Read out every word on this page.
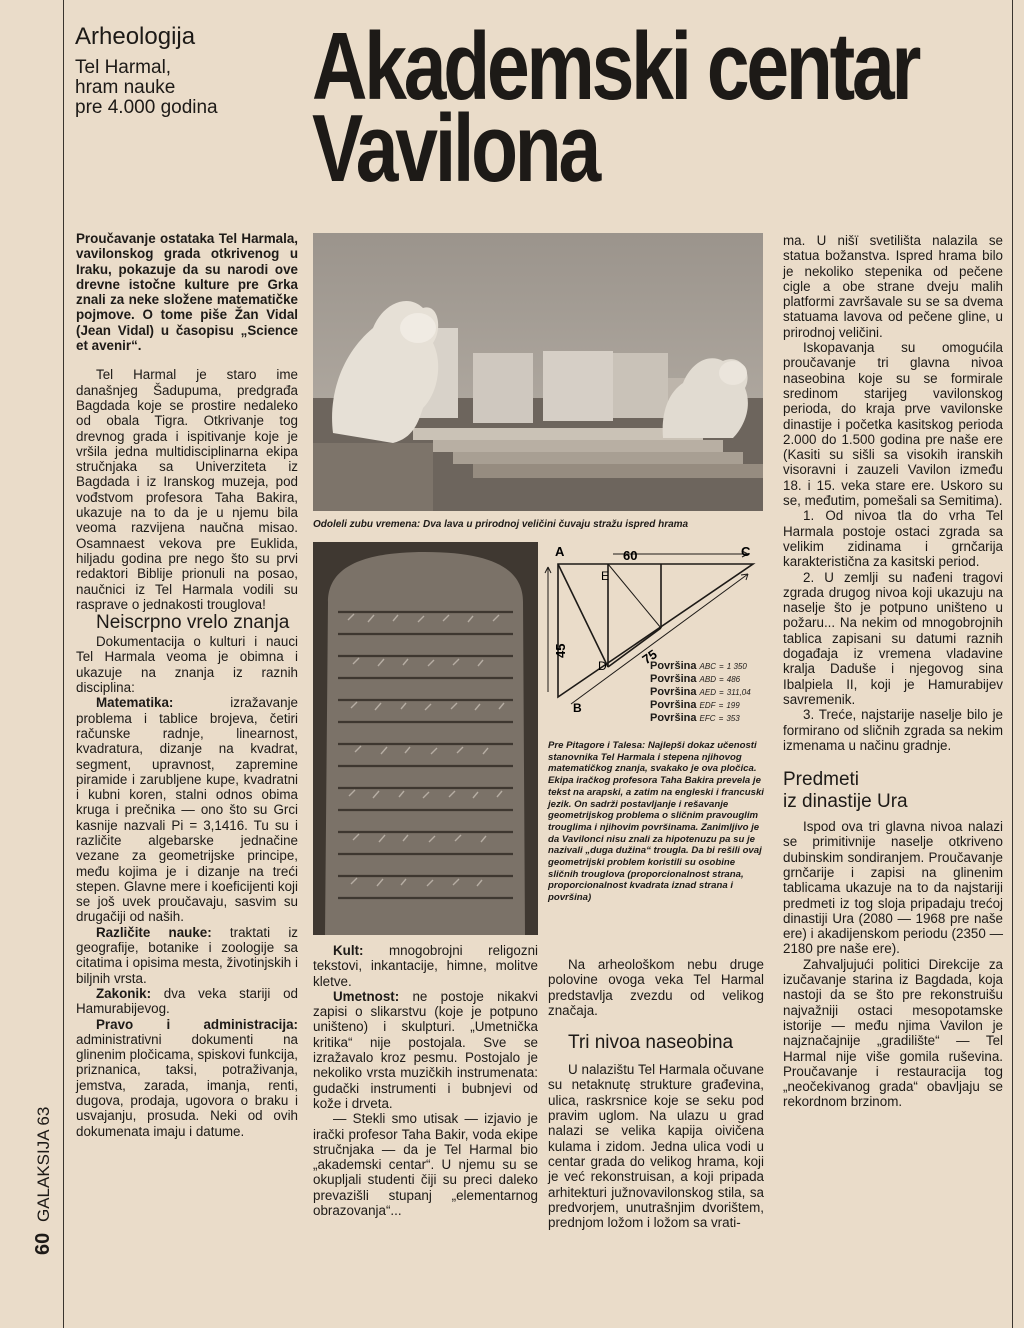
Arheologija
Tel Harmal,
hram nauke
pre 4.000 godina Akademski centar
Vavilona
60 GALAKSIJA 63

Proučavanje ostataka Tel Harmala, vavilonskog grada otkrivenog u Iraku, pokazuje da su narodi ove drevne istočne kulture pre Grka znali za neke složene matematičke pojmove. O tome piše Žan Vidal (Jean Vidal) u časopisu „Science et avenir“.

Tel Harmal je staro ime današnjeg Šadupuma, predgrađa Bagdada koje se prostire nedaleko od obala Tigra. Otkrivanje tog drevnog grada i ispitivanje koje je vršila jedna multidisciplinarna ekipa stručnjaka sa Univerziteta iz Bagdada i iz Iranskog muzeja, pod vođstvom profesora Taha Bakira, ukazuje na to da je u njemu bila veoma razvijena naučna misao. Osamnaest vekova pre Euklida, hiljadu godina pre nego što su prvi redaktori Biblije prionuli na posao, naučnici iz Tel Harmala vodili su rasprave o jednakosti trouglova!

Neiscrpno vrelo znanja

Dokumentacija o kulturi i nauci Tel Harmala veoma je obimna i ukazuje na znanja iz raznih disciplina:

Matematika: izražavanje problema i tablice brojeva, četiri računske radnje, linearnost, kvadratura, dizanje na kvadrat, segment, upravnost, zapremine piramide i zarubljene kupe, kvadratni i kubni koren, stalni odnos obima kruga i prečnika — ono što su Grci kasnije nazvali Pi = 3,1416. Tu su i različite algebarske jednačine vezane za geometrijske principe, među kojima je i dizanje na treći stepen. Glavne mere i koeficijenti koji se još uvek proučavaju, sasvim su drugačiji od naših.

Različite nauke: traktati iz geografije, botanike i zoologije sa citatima i opisima mesta, životinjskih i biljnih vrsta.

Zakonik: dva veka stariji od Hamurabijevog.

Pravo i administracija: administrativni dokumenti na glinenim pločicama, spiskovi funkcija, priznanica, taksi, potraživanja, jemstva, zarada, imanja, renti, dugova, prodaja, ugovora o braku i usvajanju, prosuda. Neki od ovih dokumenata imaju i datume.

Odoleli zubu vremena: Dva lava u prirodnoj veličini čuvaju stražu ispred hrama

Kult: mnogobrojni religozni tekstovi, inkantacije, himne, molitve kletve.

Umetnost: ne postoje nikakvi zapisi o slikarstvu (koje je potpuno uništeno) i skulpturi. „Umetnička kritika“ nije postojala. Sve se izražavalo kroz pesmu. Postojalo je nekoliko vrsta muzičkih instrumenata: gudački instrumenti i bubnjevi od kože i drveta.

— Stekli smo utisak — izjavio je irački profesor Taha Bakir, voda ekipe stručnjaka — da je Tel Harmal bio „akademski centar“. U njemu su se okupljali studenti čiji su preci daleko prevazišli stupanj „elementarnog obrazovanja“...

A	C
E
D
B
60
45	75
Površina ABC = 1 350
Površina ABD = 486
Površina AED = 311,04
Površina EDF = 199
Površina EFC = 353
Pre Pitagore i Talesa: Najlepši dokaz učenosti stanovnika Tel Harmala i stepena njihovog matematičkog znanja, svakako je ova pločica. Ekipa iračkog profesora Taha Bakira prevela je tekst na arapski, a zatim na engleski i francuski jezik. On sadrži postavljanje i rešavanje geometrijskog problema o sličnim pravouglim trouglima i njihovim površinama. Zanimljivo je da Vavilonci nisu znali za hipotenuzu pa su je nazivali „duga dužina“ trougla. Da bi rešili ovaj geometrijski problem koristili su osobine sličnih trouglova (proporcionalnost strana, proporcionalnost kvadrata iznad strana i površina)

Na arheološkom nebu druge polovine ovoga veka Tel Harmal predstavlja zvezdu od velikog značaja.

Tri nivoa naseobina

U nalazištu Tel Harmala očuvane su netaknutę strukture građevina, ulica, raskrsnice koje se seku pod pravim uglom. Na ulazu u grad nalazi se velika kapija oivičena kulama i zidom. Jedna ulica vodi u centar grada do velikog hrama, koji je već rekonstruisan, a koji pripada arhitekturi južnovavilonskog stila, sa predvorjem, unutrašnjim dvorištem, prednjom ložom i ložom sa vrati-

ma. U nišï svetilišta nalazila se statua božanstva. Ispred hrama bilo je nekoliko stepenika od pečene cigle a obe strane dveju malih platformi završavale su se sa dvema statuama lavova od pečene gline, u prirodnoj veličini.

Iskopavanja su omogućila proučavanje tri glavna nivoa naseobina koje su se formirale sredinom starijeg vavilonskog perioda, do kraja prve vavilonske dinastije i početka kasitskog perioda 2.000 do 1.500 godina pre naše ere (Kasiti su sišli sa visokih iranskih visoravni i zauzeli Vavilon između 18. i 15. veka stare ere. Uskoro su se, međutim, pomešali sa Semitima).

1. Od nivoa tla do vrha Tel Harmala postoje ostaci zgrada sa velikim zidinama i grnčarija karakteristična za kasitski period.

2. U zemlji su nađeni tragovi zgrada drugog nivoa koji ukazuju na naselje što je potpuno uništeno u požaru... Na nekim od mnogobrojnih tablica zapisani su datumi raznih događaja iz vremena vladavine kralja Daduše i njegovog sina Ibalpiela II, koji je Hamurabijev savremenik.

3. Treće, najstarije naselje bilo je formirano od sličnih zgrada sa nekim izmenama u načinu gradnje.

Predmeti
iz dinastije Ura

Ispod ova tri glavna nivoa nalazi se primitivnije naselje otkriveno dubinskim sondiranjem. Proučavanje grnčarije i zapisi na glinenim tablicama ukazuje na to da najstariji predmeti iz tog sloja pripadaju trećoj dinastiji Ura (2080 — 1968 pre naše ere) i akadijenskom periodu (2350 — 2180 pre naše ere).

Zahvaljujući politici Direkcije za izučavanje starina iz Bagdada, koja nastoji da se što pre rekonstruišu najvažniji ostaci mesopotamske istorije — među njima Vavilon je najznačajnije „gradilište“ — Tel Harmal nije više gomila ruševina. Proučavanje i restauracija tog „neočekivanog grada“ obavljaju se rekordnom brzinom.
